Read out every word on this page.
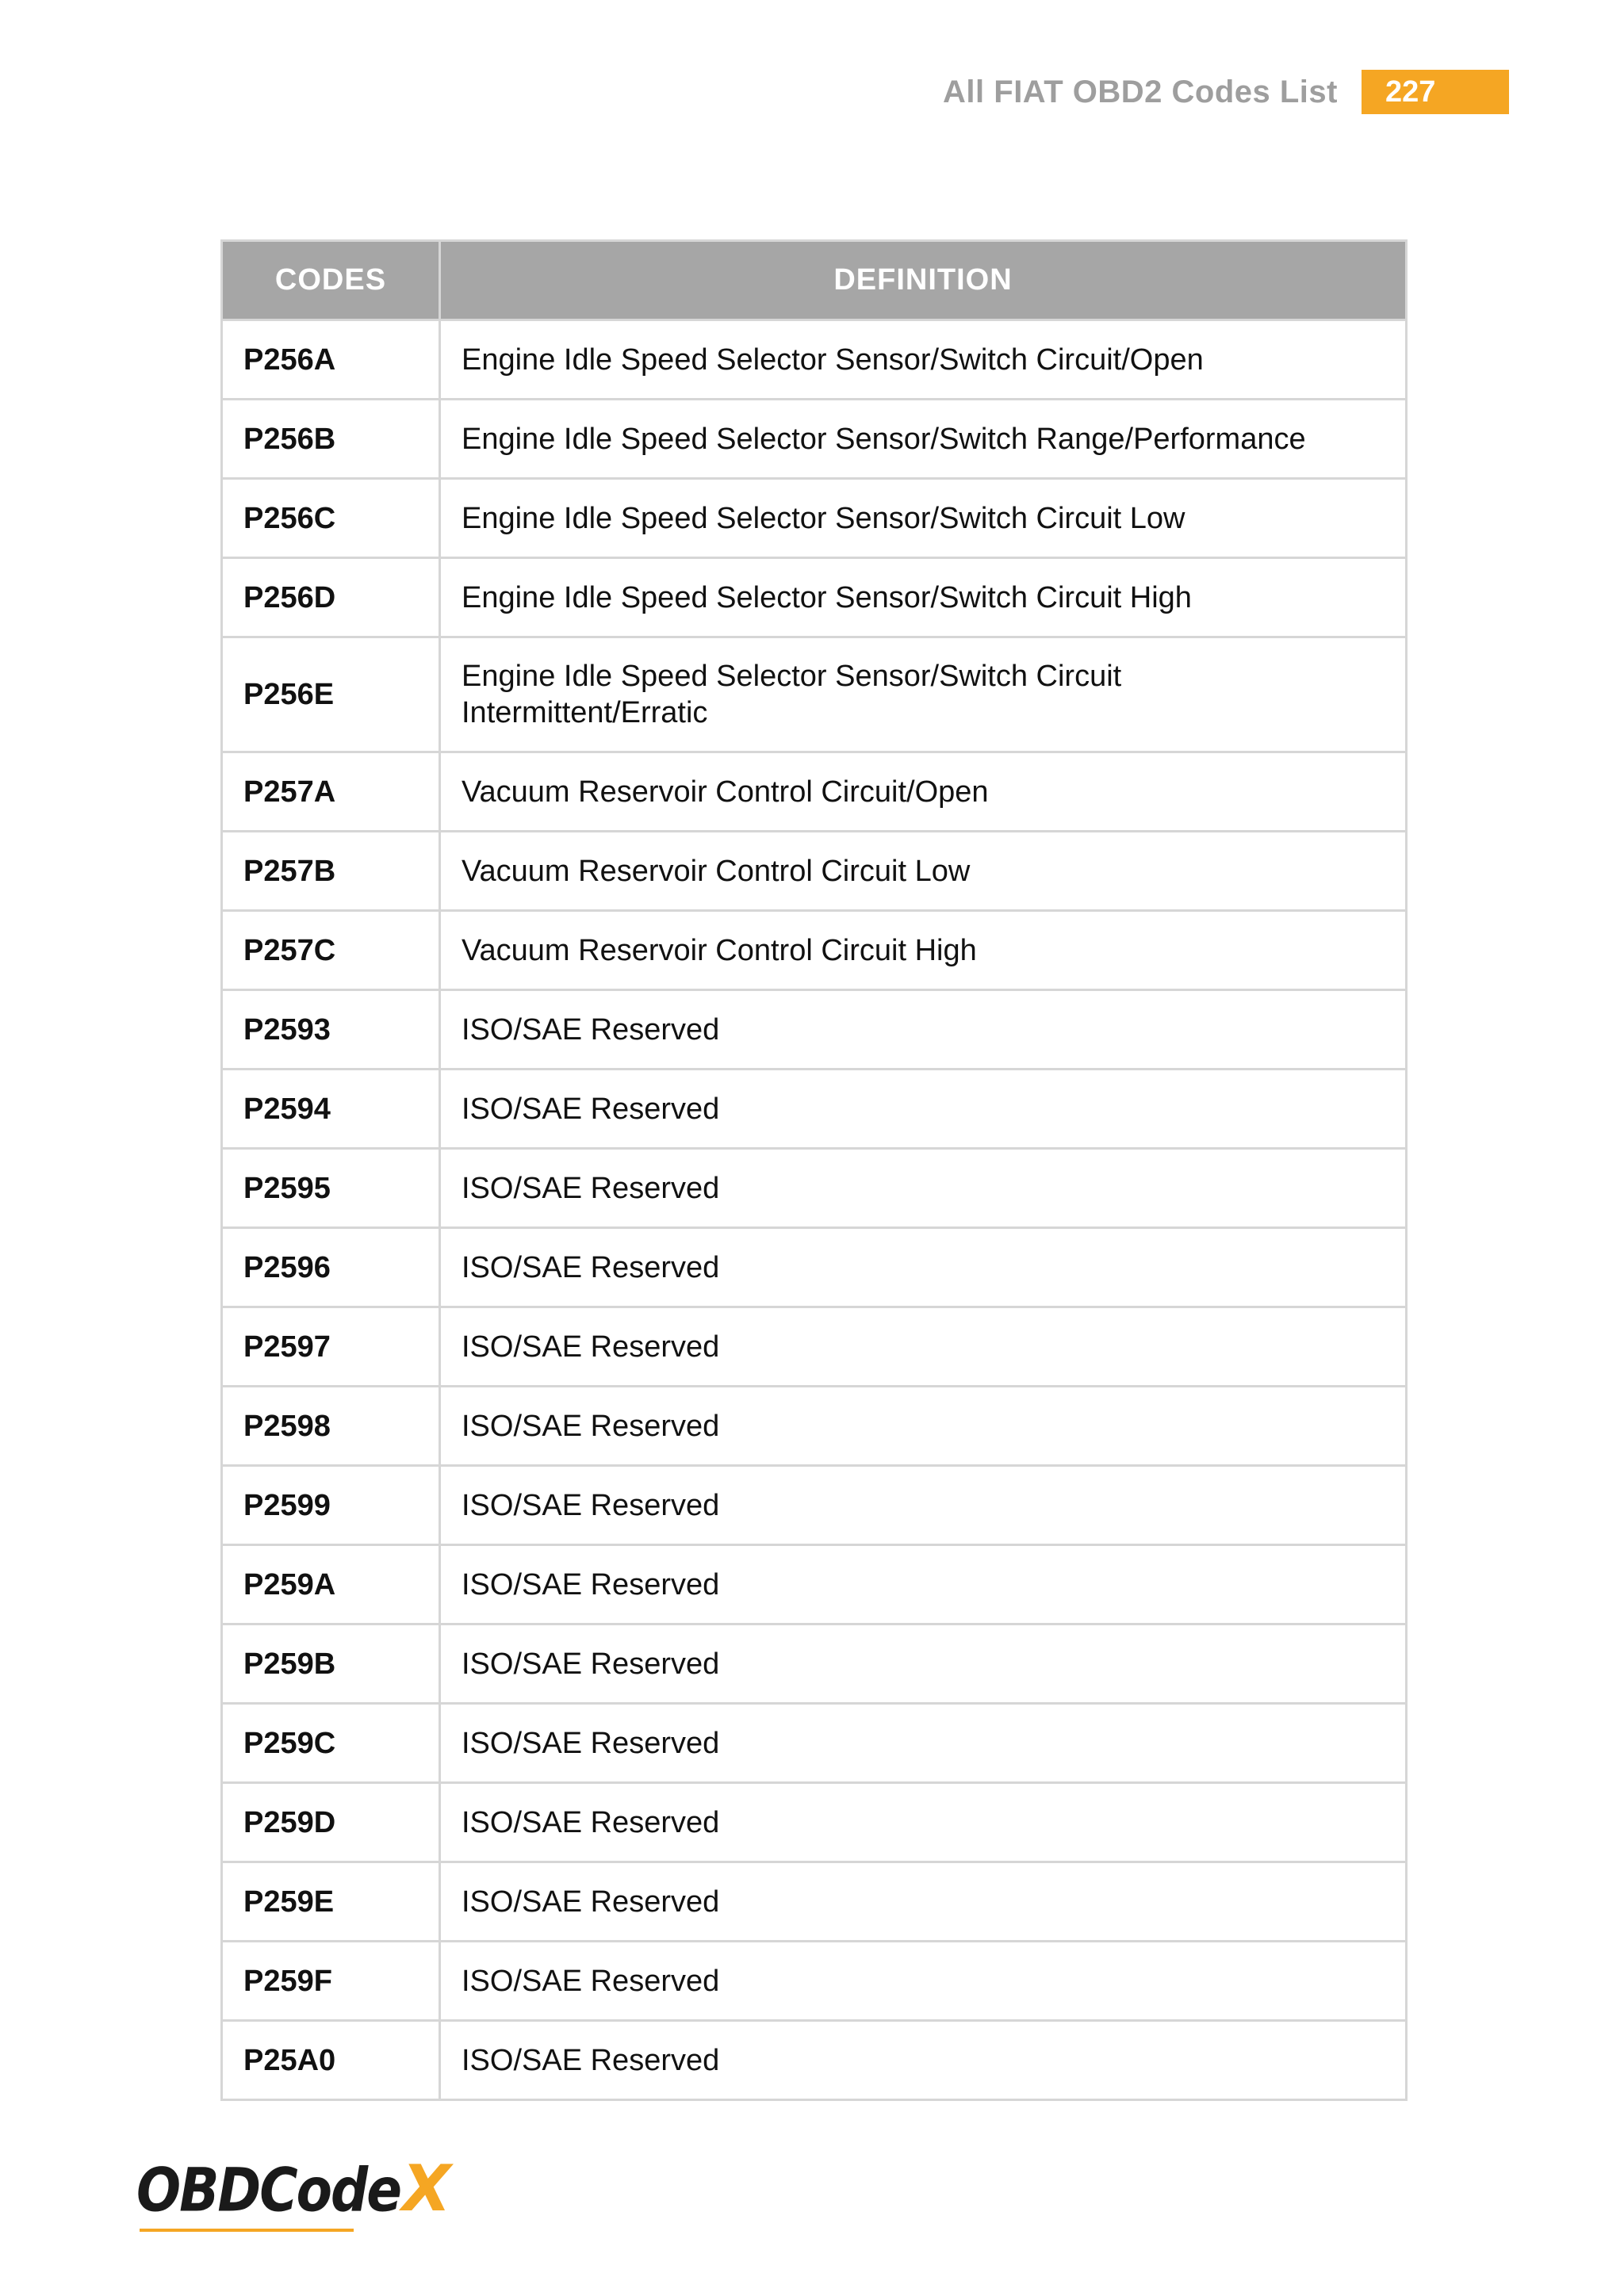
All FIAT OBD2 Codes List	227
CODES	DEFINITION
P256A	Engine Idle Speed Selector Sensor/Switch Circuit/Open
P256B	Engine Idle Speed Selector Sensor/Switch Range/Performance
P256C	Engine Idle Speed Selector Sensor/Switch Circuit Low
P256D	Engine Idle Speed Selector Sensor/Switch Circuit High
P256E	Engine Idle Speed Selector Sensor/Switch Circuit Intermittent/Erratic
P257A	Vacuum Reservoir Control Circuit/Open
P257B	Vacuum Reservoir Control Circuit Low
P257C	Vacuum Reservoir Control Circuit High
P2593	ISO/SAE Reserved
P2594	ISO/SAE Reserved
P2595	ISO/SAE Reserved
P2596	ISO/SAE Reserved
P2597	ISO/SAE Reserved
P2598	ISO/SAE Reserved
P2599	ISO/SAE Reserved
P259A	ISO/SAE Reserved
P259B	ISO/SAE Reserved
P259C	ISO/SAE Reserved
P259D	ISO/SAE Reserved
P259E	ISO/SAE Reserved
P259F	ISO/SAE Reserved
P25A0	ISO/SAE Reserved
OBDCode X
